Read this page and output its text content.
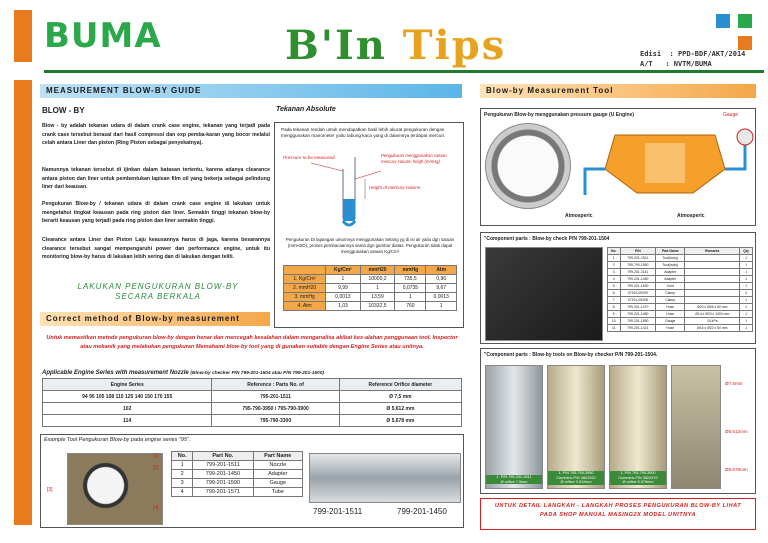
BUMA	B'In Tips	Edisi : PPD-BDF/AKT/2014
A/T : NVTM/BUMA
MEASUREMENT BLOW-BY GUIDE
BLOW - BY
Blow - by adalah tekanan udara di dalam crank case engine, tekanan yang terjadi pada crank case tersebut berasal dari hasil compressi dan exp pemba-karan yang bocor melalui celah antara Liner dan piston (Ring Piston sebagai penyekatnya).
Namunnya tekanan tersebut di ijinkan dalam batasan tertentu, karena adanya clearance antara piston dan liner untuk pembentukan lapisan film oil yang bekerja sebagai pelindung liner dari keausan.
Pengukuran Blow-by / tekanan udara di dalam crank case engine di lakukan untuk mengetahui tingkat keausan pada ring piston dan liner. Semakin tinggi tekanan blow-by berarti keausan yang terjadi pada ring piston dan liner semakin tinggi.
Clearance antara Liner dan Piston Laju keausannya harus di jaga, karena besarannya clearance tersebut sangat mempengaruhi power dan performance engine, untuk itu monitoring blow-by harus di lakukan lebih sering dan di lakukan dengan teliti.
LAKUKAN PENGUKURAN BLOW-BY SECARA BERKALA
Tekanan Absolute
Pada tekanan rendah untuk mendapatkan hasil lebih akurat pengukuran dengan menggunakan manometer yaitu tabung kaca yang di dalamnya terdapat mercuri.
Pressure to be measured.	Pengukuran menggunakan satuan mercury column heigh (mmHg)
Height of mercury column
Pengukuran Di lapangan umumnya menggunakan Selang yg di isi air yaitu dgn satuan (mmH2O), proses pembacaannya sama dgn gambar diatas. Pengukuran tidak dapat menggunakan satuan Kg/Cm²
	Kg/Cm²	mmH20	mmHg	Atm
1. Kg/Cm²	1	10000,2	735,5	0,96
2. mmH20	9,99	1	0,0735	9,67
3. mmHg	0,0013	13,59	1	0,0013
4. Atm	1,03	10332,5	760	1
Correct method of Blow-by measurement
Untuk memastikan metode pengukuran blow-by dengan benar dan mencegah kesalahan dalam menganalisa akibat kes-alahan penggunaan tool, Inspector atau mekanik yang melakukan pengukuran Memahami blow-by tool yang di gunakan suitable dengan Engine Series atau unitnya.
Applicable Engine Series with measurement Nozzle (Blow-by checker P/N 799-201-1504 atau P/N 799-201-1500)
Engine Series	Reference : Parts No. of	Reference Orifice diameter
94 95 105 108 110 125 140 150 170 155	795-201-1511	Ø 7,5 mm
102	795-790-3950 / 795-790-3900	Ø 5,612 mm
114	795-790-3300	Ø 5,678 mm
Example Tool Pengukuran Blow-by pada engine series "95".
[3]
[1]
[2]
[4]
No.	Part No.	Part Name
1	799-201-1511	Nozzle
2	799-201-1450	Adapter
3	799-201-1590	Gauge
4	799-201-1571	Tube
799-201-1511	799-201-1450
Blow-by Measurement Tool
Pengukuran Blow-by menggunakan pressure gauge (U Engine)	Gauge
Atmosperic	Atmosperic
"Component parts : Blow-by check P/N 799-201-1504
No.	P/N	Part Name	Remarks	Qty
1	799-201-1511	Tool(body)		1
2	795-790-1590	Tool(body)		1
3	799-201-1141	Adapter		1
4	799-201-1450	Adapter		1
5	799-201-1630	Joint		1
6	07201-09209	Clamp		2
7	07201-09208	Clamp		1
8	799-201-1470	Hose	Ø20 x Ø26 x 80 mm	1
9	799-201-1480	Hose	Ø14 x Ø20 x 1000 mm	1
10	799-201-1590	Gauge	10 kPa	1
11	799-201-1421	Hose	Ø16 x Ø22 x 60 mm	1
"Component parts : Blow-by tools on Blow-by checker P/N 799-201-1504.
1. P/N 799-201-1511
Ø orifice 7.5mm
1. P/N 795-790-3950
Cummins P/N 3822920
Ø orifice 5.612mm
1. P/N 795-790-3900
Cummins P/N 3822670
Ø orifice 5.678mm
Ø7.5mm
Ø5.612mm
Ø5.678mm
UNTUK DETAIL LANGKAH - LANGKAH PROSES PENGUKURAN BLOW-BY LIHAT PADA SHOP MANUAL MASING2X MODEL UNITNYA
